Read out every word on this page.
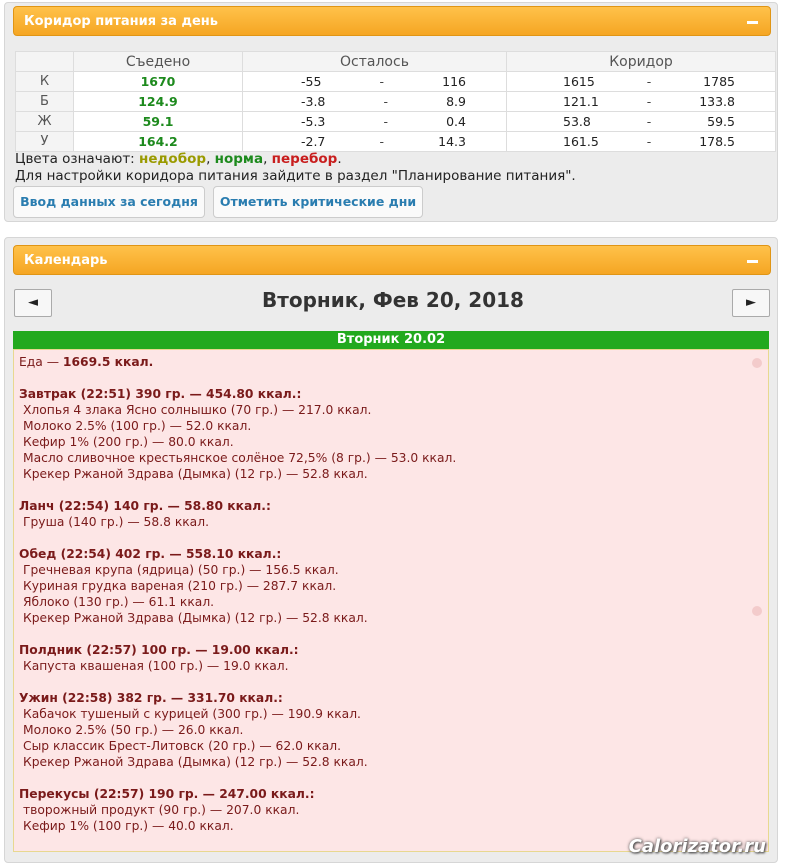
Коридор питания за день
	Съедено	Осталось	Коридор
К	1670	-55 - 116	1615 - 1785

Б	124.9	-3.8 - 8.9	121.1 - 133.8

Ж	59.1	-5.3 - 0.4	53.8 - 59.5

У	164.2	-2.7 - 14.3	161.5 - 178.5
Цвета означают: недобор, норма, перебор.
Для настройки коридора питания зайдите в раздел "Планирование питания".
Ввод данных за сегодня	Отметить критические дни
Календарь
◄	Вторник, Фев 20, 2018	►
Вторник 20.02
Еда — 1669.5 ккал.
Завтрак (22:51) 390 гр. — 454.80 ккал.:
Хлопья 4 злака Ясно солнышко (70 гр.) — 217.0 ккал.
Молоко 2.5% (100 гр.) — 52.0 ккал.
Кефир 1% (200 гр.) — 80.0 ккал.
Масло сливочное крестьянское солёное 72,5% (8 гр.) — 53.0 ккал.
Крекер Ржаной Здрава (Дымка) (12 гр.) — 52.8 ккал.
Ланч (22:54) 140 гр. — 58.80 ккал.:
Груша (140 гр.) — 58.8 ккал.
Обед (22:54) 402 гр. — 558.10 ккал.:
Гречневая крупа (ядрица) (50 гр.) — 156.5 ккал.
Куриная грудка вареная (210 гр.) — 287.7 ккал.
Яблоко (130 гр.) — 61.1 ккал.
Крекер Ржаной Здрава (Дымка) (12 гр.) — 52.8 ккал.
Полдник (22:57) 100 гр. — 19.00 ккал.:
Капуста квашеная (100 гр.) — 19.0 ккал.
Ужин (22:58) 382 гр. — 331.70 ккал.:
Кабачок тушеный с курицей (300 гр.) — 190.9 ккал.
Молоко 2.5% (50 гр.) — 26.0 ккал.
Сыр классик Брест-Литовск (20 гр.) — 62.0 ккал.
Крекер Ржаной Здрава (Дымка) (12 гр.) — 52.8 ккал.
Перекусы (22:57) 190 гр. — 247.00 ккал.:
творожный продукт (90 гр.) — 207.0 ккал.
Кефир 1% (100 гр.) — 40.0 ккал.
Calorizator.ru
